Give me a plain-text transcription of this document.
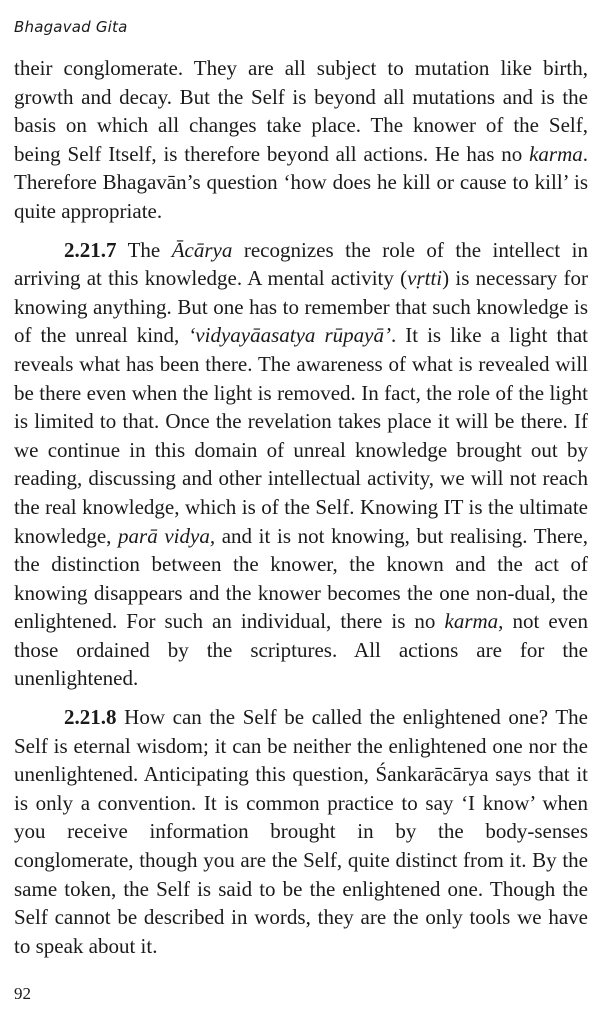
Bhagavad Gita

their conglomerate. They are all subject to mutation like birth, growth and decay. But the Self is beyond all mutations and is the basis on which all changes take place. The knower of the Self, being Self Itself, is therefore beyond all actions. He has no karma. Therefore Bhagavān’s question ‘how does he kill or cause to kill’ is quite appropriate.

2.21.7 The Ācārya recognizes the role of the intellect in arriving at this knowledge. A mental activity (vṛtti) is necessary for knowing anything. But one has to remember that such knowledge is of the unreal kind, ‘vidyayāasatya rūpayā’. It is like a light that reveals what has been there. The awareness of what is revealed will be there even when the light is removed. In fact, the role of the light is limited to that. Once the revelation takes place it will be there. If we continue in this domain of unreal knowledge brought out by reading, discussing and other intellectual activity, we will not reach the real knowledge, which is of the Self. Knowing IT is the ultimate knowledge, parā vidya, and it is not knowing, but realising. There, the distinction between the knower, the known and the act of knowing disappears and the knower becomes the one non-dual, the enlightened. For such an individual, there is no karma, not even those ordained by the scriptures. All actions are for the unenlightened.

2.21.8 How can the Self be called the enlightened one? The Self is eternal wisdom; it can be neither the enlightened one nor the unenlightened. Anticipating this question, Śankarācārya says that it is only a convention. It is common practice to say ‘I know’ when you receive information brought in by the body-senses conglomerate, though you are the Self, quite distinct from it. By the same token, the Self is said to be the enlightened one. Though the Self cannot be described in words, they are the only tools we have to speak about it.

92
